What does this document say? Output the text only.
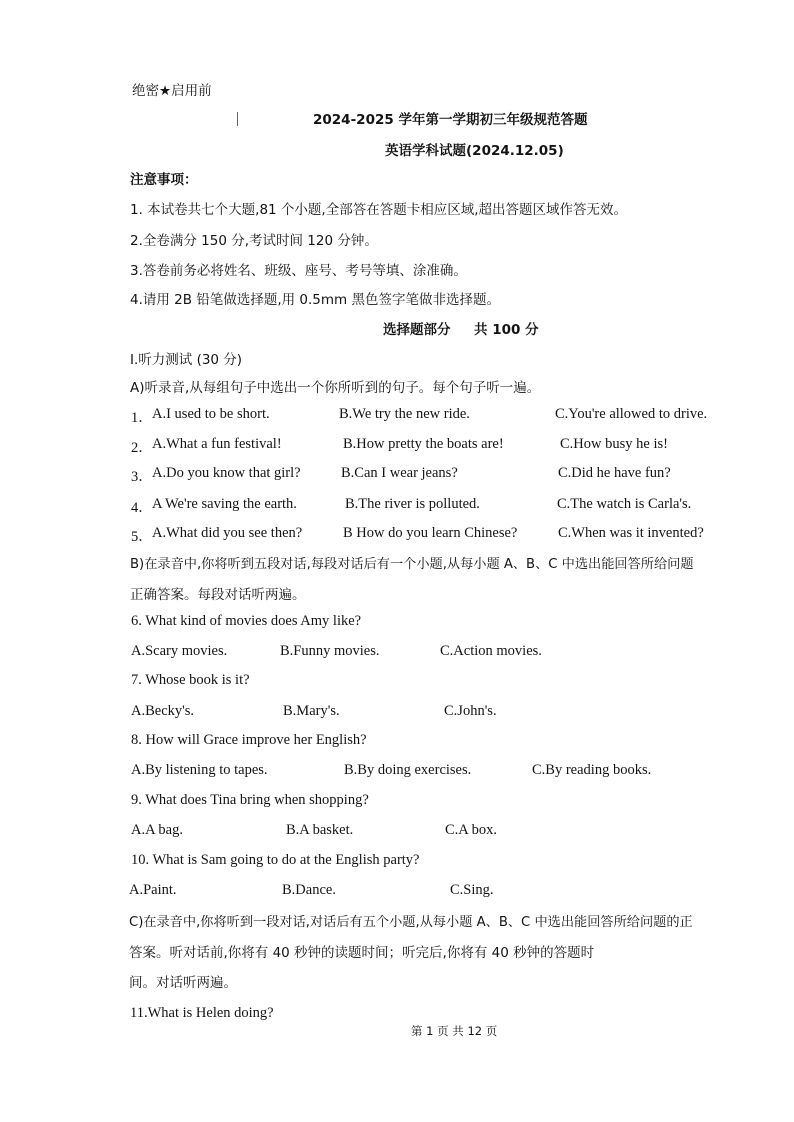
绝密★启用前
2024-2025 学年第一学期初三年级规范答题
英语学科试题(2024.12.05)
注意事项：
1. 本试卷共七个大题,81 个小题,全部答在答题卡相应区域,超出答题区域作答无效。
2.全卷满分 150 分,考试时间 120 分钟。
3.答卷前务必将姓名、班级、座号、考号等填、涂准确。
4.请用 2B 铅笔做选择题,用 0.5mm 黑色签字笔做非选择题。
选择题部分     共 100 分
I.听力测试 (30 分)
A)听录音,从每组句子中选出一个你所听到的句子。每个句子听一遍。
1． A.I used to be short.	B.We try the new ride.	C.You're allowed to drive.
2． A.What a fun festival!	B.How pretty the boats are!	C.How busy he is!
3． A.Do you know that girl?	B.Can I wear jeans?	C.Did he have fun?
4． A We're saving the earth.	B.The river is polluted.	C.The watch is Carla's.
5． A.What did you see then?	B How do you learn Chinese?	C.When was it invented?
B)在录音中,你将听到五段对话,每段对话后有一个小题,从每小题 A、B、C 中选出能回答所给问题
正确答案。每段对话听两遍。
6. What kind of movies does Amy like?
A.Scary movies.	B.Funny movies.	C.Action movies.
7. Whose book is it?
A.Becky's.	B.Mary's.	C.John's.
8. How will Grace improve her English?
A.By listening to tapes.	B.By doing exercises.	C.By reading books.
9. What does Tina bring when shopping?
A.A bag.	B.A basket.	C.A box.
10. What is Sam going to do at the English party?
A.Paint.	B.Dance.	C.Sing.
C)在录音中,你将听到一段对话,对话后有五个小题,从每小题 A、B、C 中选出能回答所给问题的正
答案。听对话前,你将有 40 秒钟的读题时间；听完后,你将有 40 秒钟的答题时
间。对话听两遍。
11.What is Helen doing?
第 1 页 共 12 页
